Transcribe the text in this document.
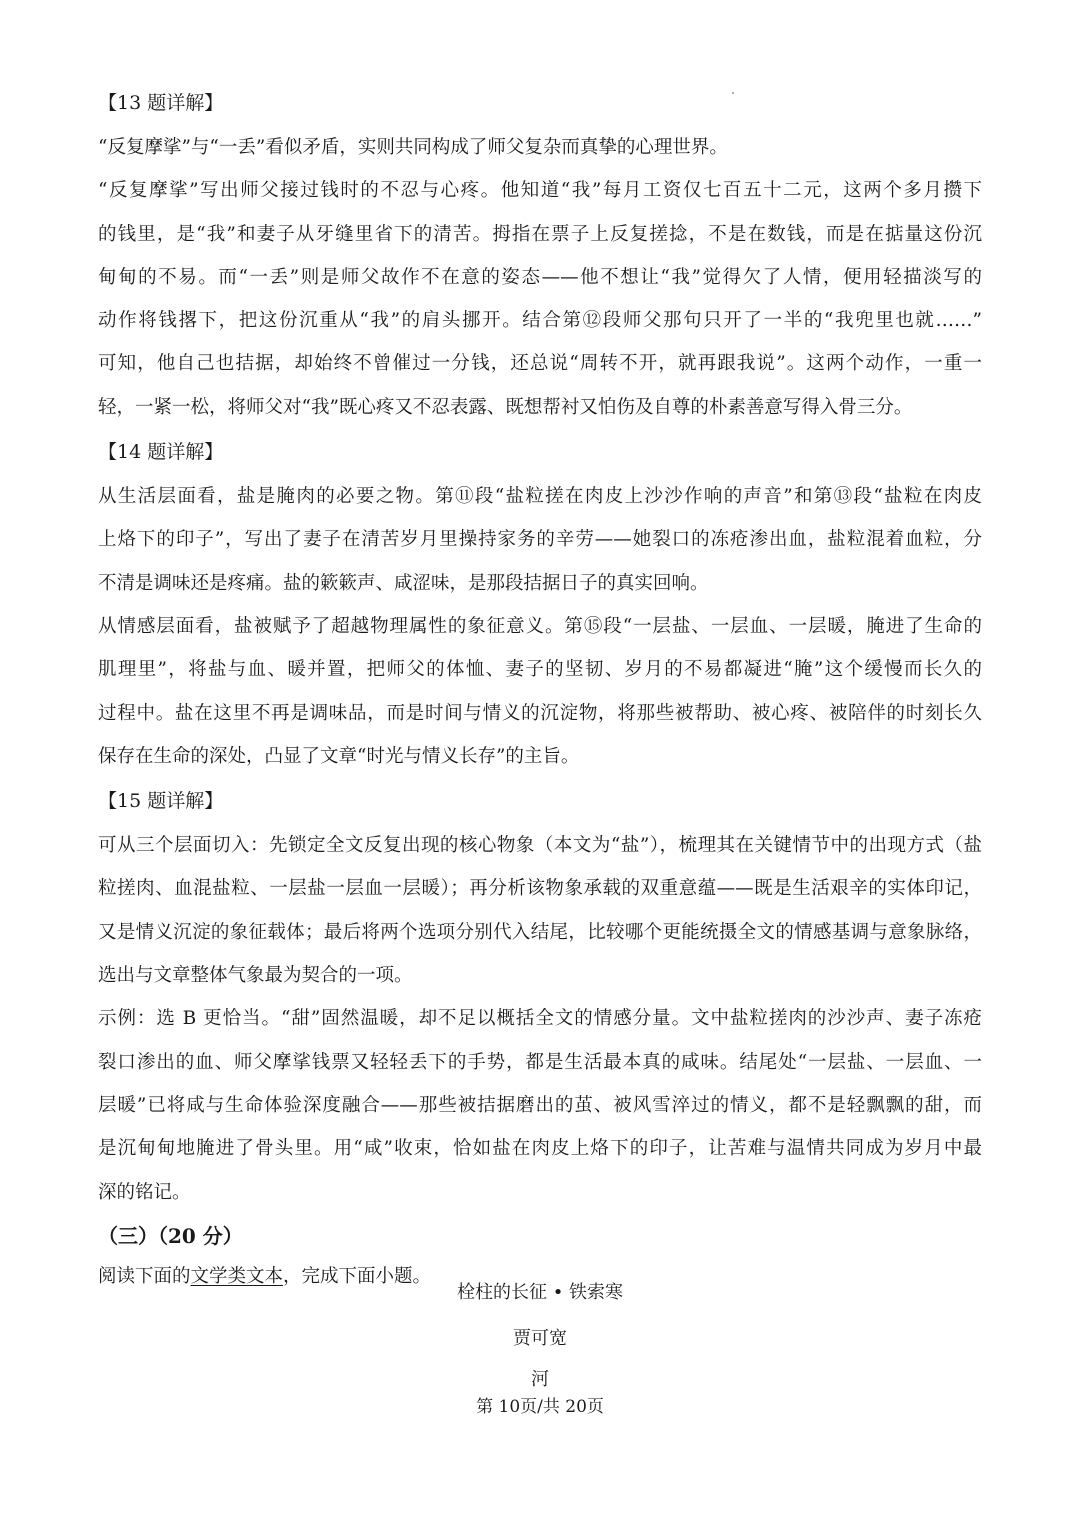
【13 题详解】
“反复摩挲”与“一丢”看似矛盾，实则共同构成了师父复杂而真挚的心理世界。
“反复摩挲”写出师父接过钱时的不忍与心疼。他知道“我”每月工资仅七百五十二元，这两个多月攒下
的钱里，是“我”和妻子从牙缝里省下的清苦。拇指在票子上反复搓捻，不是在数钱，而是在掂量这份沉
甸甸的不易。而“一丢”则是师父故作不在意的姿态——他不想让“我”觉得欠了人情，便用轻描淡写的
动作将钱撂下，把这份沉重从“我”的肩头挪开。结合第⑫段师父那句只开了一半的“我兜里也就……”
可知，他自己也拮据，却始终不曾催过一分钱，还总说“周转不开，就再跟我说”。这两个动作，一重一
轻，一紧一松，将师父对“我”既心疼又不忍表露、既想帮衬又怕伤及自尊的朴素善意写得入骨三分。
【14 题详解】
从生活层面看，盐是腌肉的必要之物。第⑪段“盐粒搓在肉皮上沙沙作响的声音”和第⑬段“盐粒在肉皮
上烙下的印子”，写出了妻子在清苦岁月里操持家务的辛劳——她裂口的冻疮渗出血，盐粒混着血粒，分
不清是调味还是疼痛。盐的簌簌声、咸涩味，是那段拮据日子的真实回响。
从情感层面看，盐被赋予了超越物理属性的象征意义。第⑮段“一层盐、一层血、一层暖，腌进了生命的
肌理里”，将盐与血、暖并置，把师父的体恤、妻子的坚韧、岁月的不易都凝进“腌”这个缓慢而长久的
过程中。盐在这里不再是调味品，而是时间与情义的沉淀物，将那些被帮助、被心疼、被陪伴的时刻长久
保存在生命的深处，凸显了文章“时光与情义长存”的主旨。
【15 题详解】
可从三个层面切入：先锁定全文反复出现的核心物象（本文为“盐”），梳理其在关键情节中的出现方式（盐
粒搓肉、血混盐粒、一层盐一层血一层暖）；再分析该物象承载的双重意蕴——既是生活艰辛的实体印记，
又是情义沉淀的象征载体；最后将两个选项分别代入结尾，比较哪个更能统摄全文的情感基调与意象脉络，
选出与文章整体气象最为契合的一项。
示例：选 B 更恰当。“甜”固然温暖，却不足以概括全文的情感分量。文中盐粒搓肉的沙沙声、妻子冻疮
裂口渗出的血、师父摩挲钱票又轻轻丢下的手势，都是生活最本真的咸味。结尾处“一层盐、一层血、一
层暖”已将咸与生命体验深度融合——那些被拮据磨出的茧、被风雪淬过的情义，都不是轻飘飘的甜，而
是沉甸甸地腌进了骨头里。用“咸”收束，恰如盐在肉皮上烙下的印子，让苦难与温情共同成为岁月中最
深的铭记。
（三）（20 分）
阅读下面的文学类文本，完成下面小题。
栓柱的长征 • 铁索寒
贾可宽
河
第 10页/共 20页
